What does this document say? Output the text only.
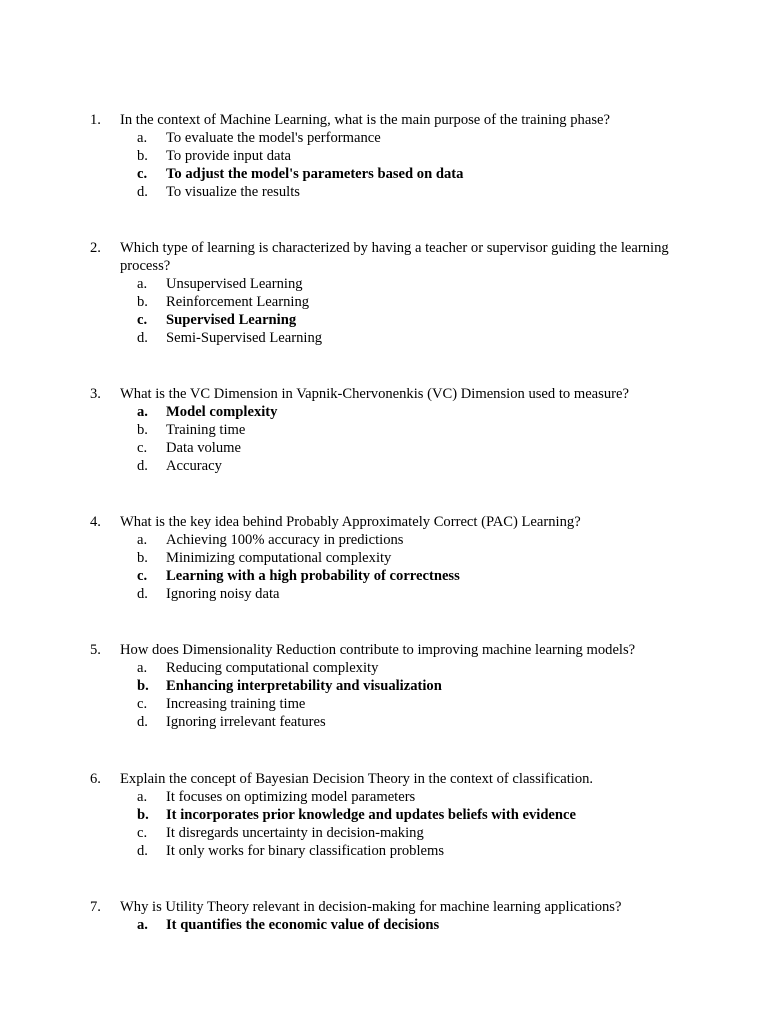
1. In the context of Machine Learning, what is the main purpose of the training phase?
a. To evaluate the model's performance
b. To provide input data
c. To adjust the model's parameters based on data
d. To visualize the results
2. Which type of learning is characterized by having a teacher or supervisor guiding the learning process?
a. Unsupervised Learning
b. Reinforcement Learning
c. Supervised Learning
d. Semi-Supervised Learning
3. What is the VC Dimension in Vapnik-Chervonenkis (VC) Dimension used to measure?
a. Model complexity
b. Training time
c. Data volume
d. Accuracy
4. What is the key idea behind Probably Approximately Correct (PAC) Learning?
a. Achieving 100% accuracy in predictions
b. Minimizing computational complexity
c. Learning with a high probability of correctness
d. Ignoring noisy data
5. How does Dimensionality Reduction contribute to improving machine learning models?
a. Reducing computational complexity
b. Enhancing interpretability and visualization
c. Increasing training time
d. Ignoring irrelevant features
6. Explain the concept of Bayesian Decision Theory in the context of classification.
a. It focuses on optimizing model parameters
b. It incorporates prior knowledge and updates beliefs with evidence
c. It disregards uncertainty in decision-making
d. It only works for binary classification problems
7. Why is Utility Theory relevant in decision-making for machine learning applications?
a. It quantifies the economic value of decisions
